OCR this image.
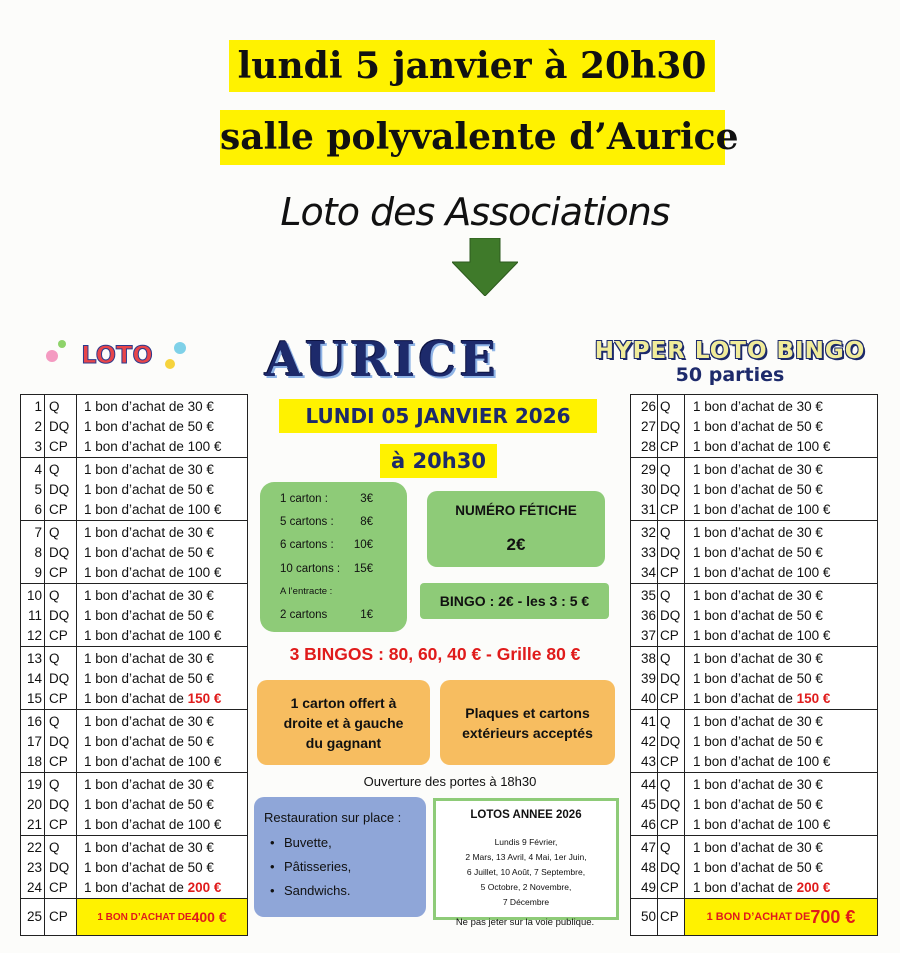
lundi 5 janvier à 20h30
salle polyvalente d’Aurice
Loto des Associations
LOTO	AURICE	HYPER LOTO BINGO
50 parties
1 Q 1 bon d’achat de 30 €
2 DQ 1 bon d’achat de 50 €
3 CP 1 bon d’achat de 100 €
4 Q 1 bon d’achat de 30 €
5 DQ 1 bon d’achat de 50 €
6 CP 1 bon d’achat de 100 €
7 Q 1 bon d’achat de 30 €
8 DQ 1 bon d’achat de 50 €
9 CP 1 bon d’achat de 100 €
10 Q 1 bon d’achat de 30 €
11 DQ 1 bon d’achat de 50 €
12 CP 1 bon d’achat de 100 €
13 Q 1 bon d’achat de 30 €
14 DQ 1 bon d’achat de 50 €
15 CP 1 bon d’achat de 150 €
16 Q 1 bon d’achat de 30 €
17 DQ 1 bon d’achat de 50 €
18 CP 1 bon d’achat de 100 €
19 Q 1 bon d’achat de 30 €
20 DQ 1 bon d’achat de 50 €
21 CP 1 bon d’achat de 100 €
22 Q 1 bon d’achat de 30 €
23 DQ 1 bon d’achat de 50 €
24 CP 1 bon d’achat de 200 €
25 CP	1 BON D’ACHAT DE 400 €
26 Q 1 bon d’achat de 30 €
27 DQ 1 bon d’achat de 50 €
28 CP 1 bon d’achat de 100 €
29 Q 1 bon d’achat de 30 €
30 DQ 1 bon d’achat de 50 €
31 CP 1 bon d’achat de 100 €
32 Q 1 bon d’achat de 30 €
33 DQ 1 bon d’achat de 50 €
34 CP 1 bon d’achat de 100 €
35 Q 1 bon d’achat de 30 €
36 DQ 1 bon d’achat de 50 €
37 CP 1 bon d’achat de 100 €
38 Q 1 bon d’achat de 30 €
39 DQ 1 bon d’achat de 50 €
40 CP 1 bon d’achat de 150 €
41 Q 1 bon d’achat de 30 €
42 DQ 1 bon d’achat de 50 €
43 CP 1 bon d’achat de 100 €
44 Q 1 bon d’achat de 30 €
45 DQ 1 bon d’achat de 50 €
46 CP 1 bon d’achat de 100 €
47 Q 1 bon d’achat de 30 €
48 DQ 1 bon d’achat de 50 €
49 CP 1 bon d’achat de 200 €
50 CP	1 BON D’ACHAT DE 700 €
LUNDI 05 JANVIER 2026
à 20h30
1 carton :	3€
5 cartons : 8€
6 cartons : 10€
10 cartons : 15€
A l’entracte :
2 cartons	1€
NUMÉRO FÉTICHE
2€
BINGO : 2€ - les 3 : 5 €
3 BINGOS : 80, 60, 40 € - Grille 80 €
1 carton offert à
droite et à gauche
du gagnant
Plaques et cartons
extérieurs acceptés
Ouverture des portes à 18h30
Restauration sur place :
• Buvette,
• Pâtisseries,
• Sandwichs.
LOTOS ANNEE 2026
Lundis 9 Février,
2 Mars, 13 Avril, 4 Mai, 1er Juin,
6 Juillet, 10 Août, 7 Septembre,
5 Octobre, 2 Novembre,
7 Décembre
Ne pas jeter sur la voie publique.
